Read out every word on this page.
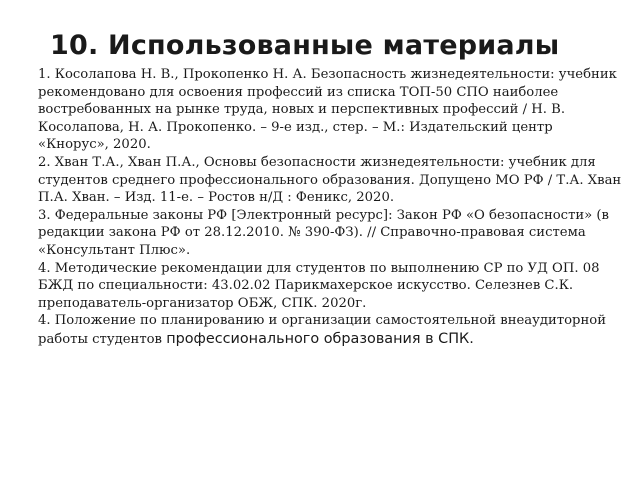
10. Использованные материалы

1. Косолапова Н. В., Прокопенко Н. А. Безопасность жизнедеятельности: учебник рекомендовано для освоения профессий из списка ТОП-50 СПО наиболее востребованных на рынке труда, новых и перспективных профессий / Н. В. Косолапова, Н. А. Прокопенко. – 9-е изд., стер. – М.: Издательский центр «Кнорус», 2020.

2. Хван Т.А., Хван П.А., Основы безопасности жизнедеятельности: учебник для студентов среднего профессионального образования. Допущено МО РФ / Т.А. Хван П.А. Хван. – Изд. 11-е. – Ростов н/Д : Феникс, 2020.

3. Федеральные законы РФ [Электронный ресурс]: Закон РФ «О безопасности» (в редакции закона РФ от 28.12.2010. № 390-ФЗ). // Справочно-правовая система «Консультант Плюс».

4. Методические рекомендации для студентов по выполнению СР по УД ОП. 08 БЖД по специальности: 43.02.02 Парикмахерское искусство. Селезнев С.К. преподаватель-организатор ОБЖ, СПК. 2020г.

4. Положение по планированию и организации самостоятельной внеаудиторной работы студентов профессионального образования в СПК.
